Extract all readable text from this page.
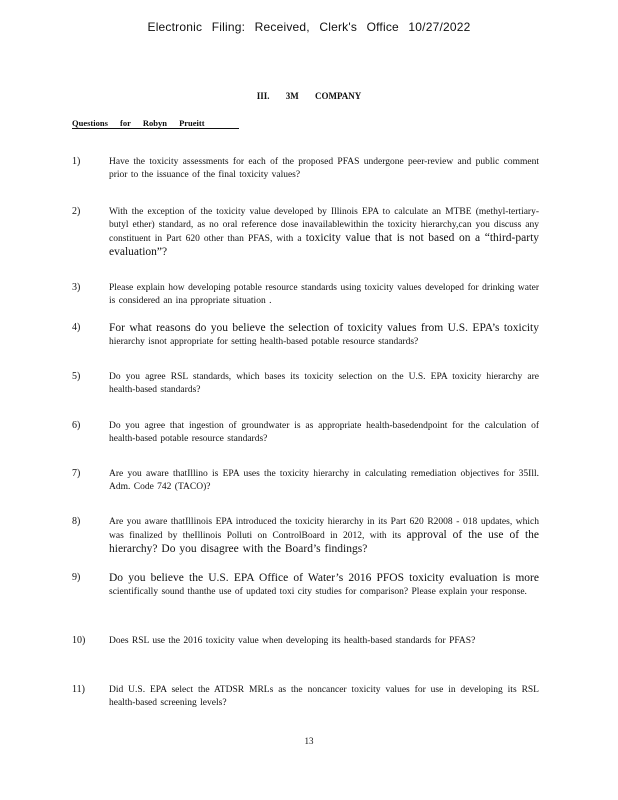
Electronic Filing: Received, Clerk's Office 10/27/2022
III. 3M COMPANY
Questions for Robyn Prueitt
1)	Have the toxicity assessments for each of the proposed PFAS undergone peer-review and public comment prior to the issuance of the final toxicity values?
2)	With the exception of the toxicity value developed by Illinois EPA to calculate an MTBE (methyl-tertiary-butyl ether) standard, as no oral reference dose inavailablewithin the toxicity hierarchy,can you discuss any constituent in Part 620 other than PFAS, with a toxicity value that is not based on a “third-party evaluation”?
3)	Please explain how developing potable resource standards using toxicity values developed for drinking water is considered an ina ppropriate situation .
4)	For what reasons do you believe the selection of toxicity values from U.S. EPA’s toxicity hierarchy isnot appropriate for setting health-based potable resource standards?
5)	Do you agree RSL standards, which bases its toxicity selection on the U.S. EPA toxicity hierarchy are health-based standards?
6)	Do you agree that ingestion of groundwater is as appropriate health-basedendpoint for the calculation of health-based potable resource standards?
7)	Are you aware thatIllino is EPA uses the toxicity hierarchy in calculating remediation objectives for 35Ill. Adm. Code 742 (TACO)?
8)	Are you aware thatIllinois EPA introduced the toxicity hierarchy in its Part 620 R2008 - 018 updates, which was finalized by theIllinois Polluti on ControlBoard in 2012, with its approval of the use of the hierarchy? Do you disagree with the Board’s findings?
9)	Do you believe the U.S. EPA Office of Water’s 2016 PFOS toxicity evaluation is more scientifically sound thanthe use of updated toxi city studies for comparison? Please explain your response.
10)	Does RSL use the 2016 toxicity value when developing its health-based standards for PFAS?
11)	Did U.S. EPA select the ATDSR MRLs as the noncancer toxicity values for use in developing its RSL health-based screening levels?
13
